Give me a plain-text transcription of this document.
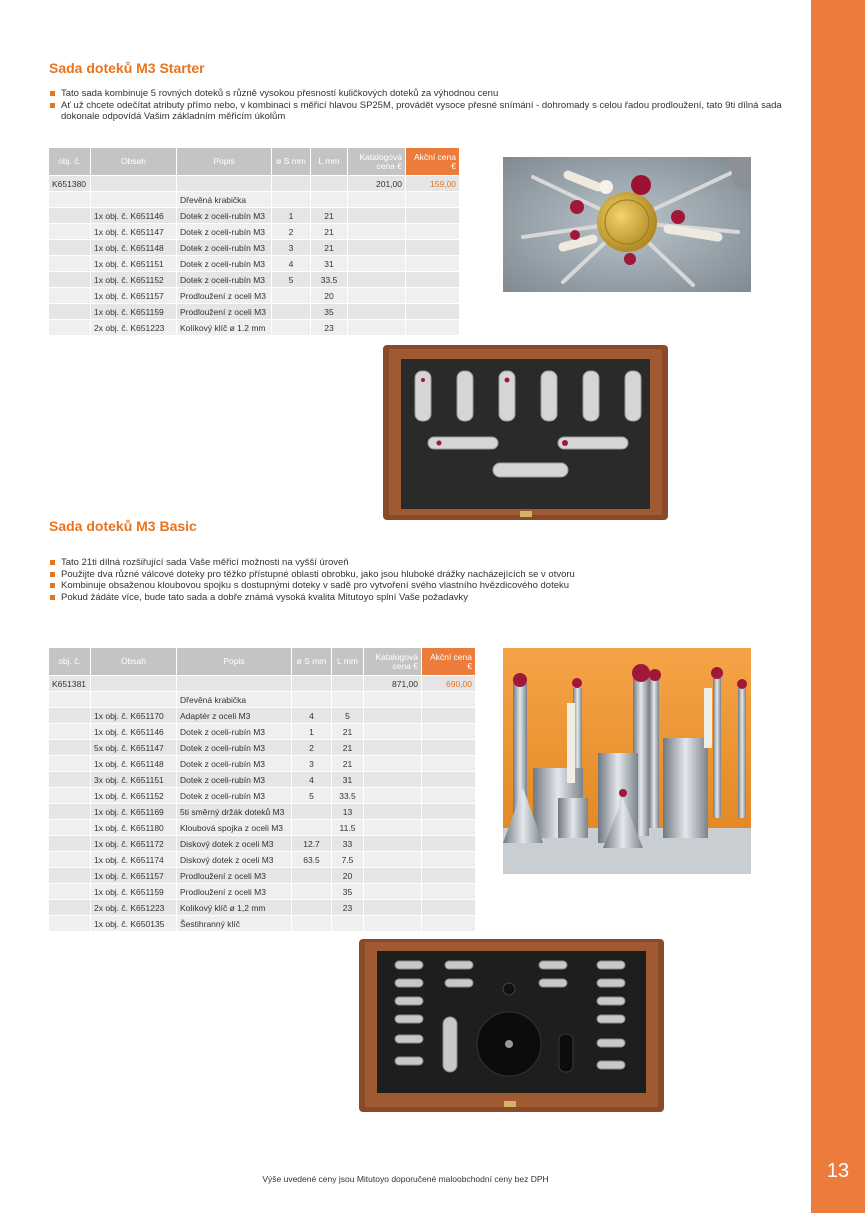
13
Sada doteků M3 Starter
Tato sada kombinuje 5 rovných doteků s různě vysokou přesností kuličkových doteků za výhodnou cenu
Ať už chcete odečítat atributy přímo nebo, v kombinaci s měřicí hlavou SP25M, provádět vysoce přesné snímání - dohromady s celou řadou prodloužení, tato 9ti dílná sada dokonale odpovídá Vašim základním měřicím úkolům
obj. č.	Obsah	Popis	ø S mm	L mm	Katalogová cena €	Akční cena €
K651380					201,00	159,00
		Dřevěná krabička				
	1x obj. č. K651146	Dotek z oceli-rubín M3	1	21		
	1x obj. č. K651147	Dotek z oceli-rubín M3	2	21		
	1x obj. č. K651148	Dotek z oceli-rubín M3	3	21		
	1x obj. č. K651151	Dotek z oceli-rubín M3	4	31		
	1x obj. č. K651152	Dotek z oceli-rubín M3	5	33.5		
	1x obj. č. K651157	Prodloužení z oceli M3		20		
	1x obj. č. K651159	Prodloužení z oceli M3		35		
	2x obj. č. K651223	Kolíkový klíč ø 1.2 mm		23		
Sada doteků M3 Basic
Tato 21ti dílná rozšiřující sada Vaše měřicí možnosti na vyšší úroveň
Použijte dva různé válcové doteky pro těžko přístupné oblasti obrobku, jako jsou hluboké drážky nacházejících se v otvoru
Kombinuje obsaženou kloubovou spojku s dostupnými doteky v sadě pro vytvoření svého vlastního hvězdicového doteku
Pokud žádáte více, bude tato sada a dobře známá vysoká kvalita Mitutoyo splní Vaše požadavky
obj. č.	Obsah	Popis	ø S mm	L mm	Katalogová cena €	Akční cena €
K651381					871,00	690,00
		Dřevěná krabička				
	1x obj. č. K651170	Adaptér z oceli M3	4	5		
	1x obj. č. K651146	Dotek z oceli-rubín M3	1	21		
	5x obj. č. K651147	Dotek z oceli-rubín M3	2	21		
	1x obj. č. K651148	Dotek z oceli-rubín M3	3	21		
	3x obj. č. K651151	Dotek z oceli-rubín M3	4	31		
	1x obj. č. K651152	Dotek z oceli-rubín M3	5	33.5		
	1x obj. č. K651169	5ti směrný držák doteků M3		13		
	1x obj. č. K651180	Kloubová spojka z oceli M3		11.5		
	1x obj. č. K651172	Diskový dotek z oceli M3	12.7	33		
	1x obj. č. K651174	Diskový dotek z oceli M3	63.5	7.5		
	1x obj. č. K651157	Prodloužení z oceli M3		20		
	1x obj. č. K651159	Prodloužení z oceli M3		35		
	2x obj. č. K651223	Kolíkový klíč ø 1,2 mm		23		
	1x obj. č. K650135	Šestihranný klíč				
Výše uvedené ceny jsou Mitutoyo doporučené maloobchodní ceny bez DPH
